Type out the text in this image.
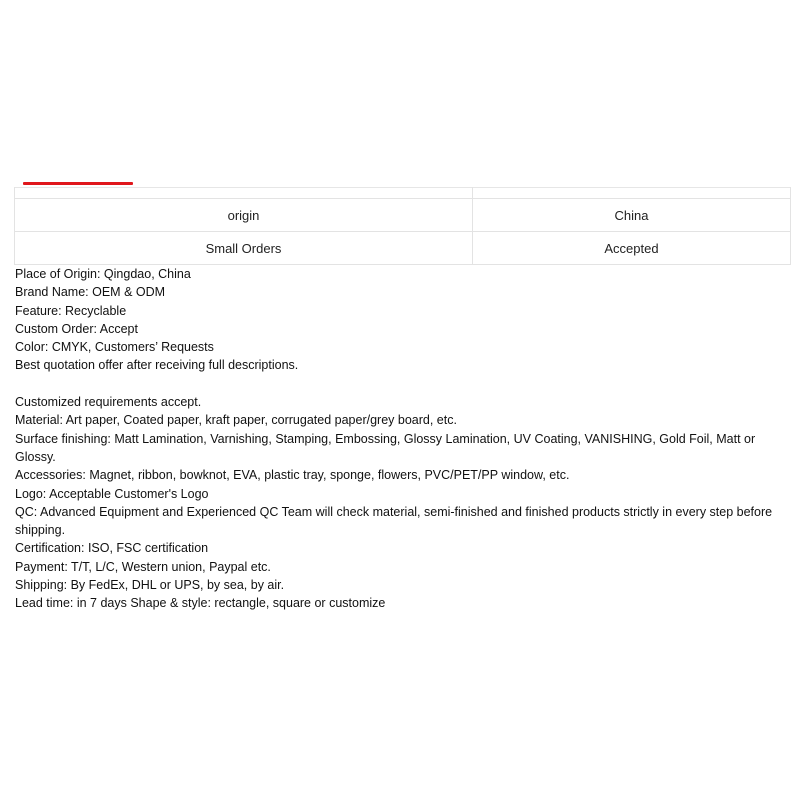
origin	China
Small Orders	Accepted

Place of Origin: Qingdao, China

Brand Name: OEM & ODM

Feature: Recyclable

Custom Order: Accept

Color: CMYK, Customers’ Requests

Best quotation offer after receiving full descriptions.

Customized requirements accept.

Material: Art paper, Coated paper, kraft paper, corrugated paper/grey board, etc.

Surface finishing: Matt Lamination, Varnishing, Stamping, Embossing, Glossy Lamination, UV Coating, VANISHING, Gold Foil, Matt or Glossy.

Accessories: Magnet, ribbon, bowknot, EVA, plastic tray, sponge, flowers, PVC/PET/PP window, etc.

Logo: Acceptable Customer's Logo

QC: Advanced Equipment and Experienced QC Team will check material, semi-finished and finished products strictly in every step before shipping.

Certification: ISO, FSC certification

Payment: T/T, L/C, Western union, Paypal etc.

Shipping: By FedEx, DHL or UPS, by sea, by air.

Lead time: in 7 days Shape & style: rectangle, square or customize
